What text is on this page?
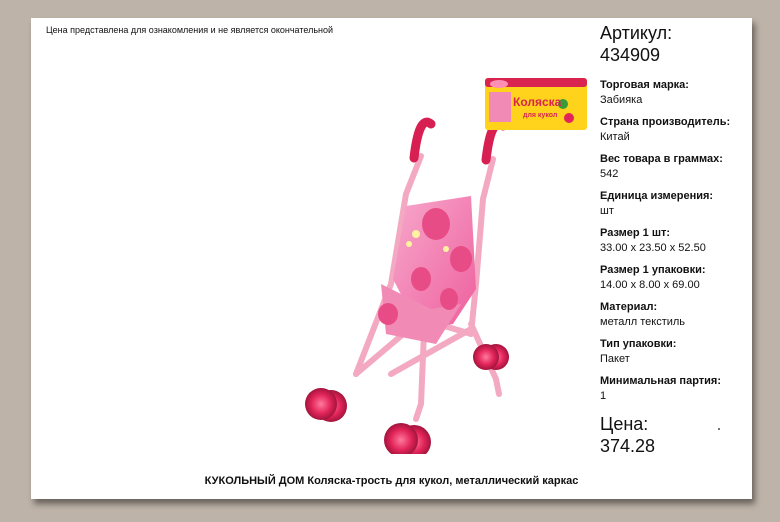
Цена представлена для ознакомления и не является окончательной
Коляска
для кукол
Артикул:
434909
Торговая марка:
Забияка
Страна производитель:
Китай
Вес товара в граммах:
542
Единица измерения:
шт
Размер 1 шт:
33.00 x 23.50 x 52.50
Размер 1 упаковки:
14.00 x 8.00 x 69.00
Материал:
металл текстиль
Тип упаковки:
Пакет
Минимальная партия:
1
Цена:
374.28
КУКОЛЬНЫЙ ДОМ Коляска-трость для кукол, металлический каркас
